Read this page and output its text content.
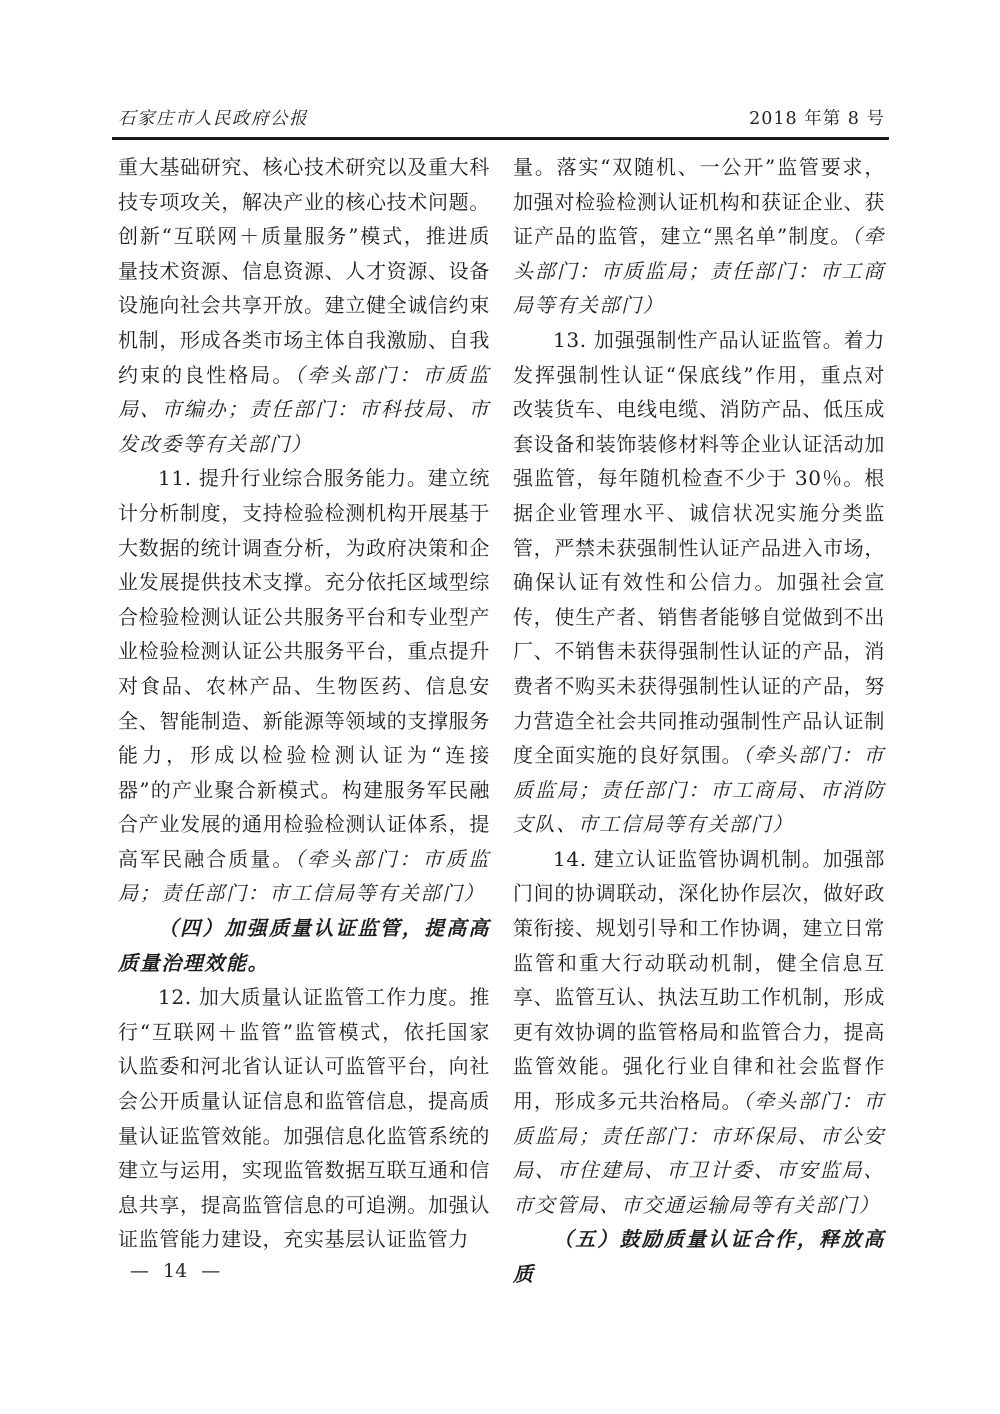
石家庄市人民政府公报	2018 年第 8 号

重大基础研究、核心技术研究以及重大科技专项攻关，解决产业的核心技术问题。创新“互联网＋质量服务”模式，推进质量技术资源、信息资源、人才资源、设备设施向社会共享开放。建立健全诚信约束机制，形成各类市场主体自我激励、自我约束的良性格局。（牵头部门：市质监局、市编办；责任部门：市科技局、市发改委等有关部门）

11. 提升行业综合服务能力。建立统计分析制度，支持检验检测机构开展基于大数据的统计调查分析，为政府决策和企业发展提供技术支撑。充分依托区域型综合检验检测认证公共服务平台和专业型产业检验检测认证公共服务平台，重点提升对食品、农林产品、生物医药、信息安全、智能制造、新能源等领域的支撑服务能力，形成以检验检测认证为“连接器”的产业聚合新模式。构建服务军民融合产业发展的通用检验检测认证体系，提高军民融合质量。（牵头部门：市质监局；责任部门：市工信局等有关部门）

（四）加强质量认证监管，提高高质量治理效能。

12. 加大质量认证监管工作力度。推行“互联网＋监管”监管模式，依托国家认监委和河北省认证认可监管平台，向社会公开质量认证信息和监管信息，提高质量认证监管效能。加强信息化监管系统的建立与运用，实现监管数据互联互通和信息共享，提高监管信息的可追溯。加强认证监管能力建设，充实基层认证监管力

量。落实“双随机、一公开”监管要求，加强对检验检测认证机构和获证企业、获证产品的监管，建立“黑名单”制度。（牵头部门：市质监局；责任部门：市工商局等有关部门）

13. 加强强制性产品认证监管。着力发挥强制性认证“保底线”作用，重点对改装货车、电线电缆、消防产品、低压成套设备和装饰装修材料等企业认证活动加强监管，每年随机检查不少于 30％。根据企业管理水平、诚信状况实施分类监管，严禁未获强制性认证产品进入市场，确保认证有效性和公信力。加强社会宣传，使生产者、销售者能够自觉做到不出厂、不销售未获得强制性认证的产品，消费者不购买未获得强制性认证的产品，努力营造全社会共同推动强制性产品认证制度全面实施的良好氛围。（牵头部门：市质监局；责任部门：市工商局、市消防支队、市工信局等有关部门）

14. 建立认证监管协调机制。加强部门间的协调联动，深化协作层次，做好政策衔接、规划引导和工作协调，建立日常监管和重大行动联动机制，健全信息互享、监管互认、执法互助工作机制，形成更有效协调的监管格局和监管合力，提高监管效能。强化行业自律和社会监督作用，形成多元共治格局。（牵头部门：市质监局；责任部门：市环保局、市公安局、市住建局、市卫计委、市安监局、市交管局、市交通运输局等有关部门）

（五）鼓励质量认证合作，释放高质

— 14 —
